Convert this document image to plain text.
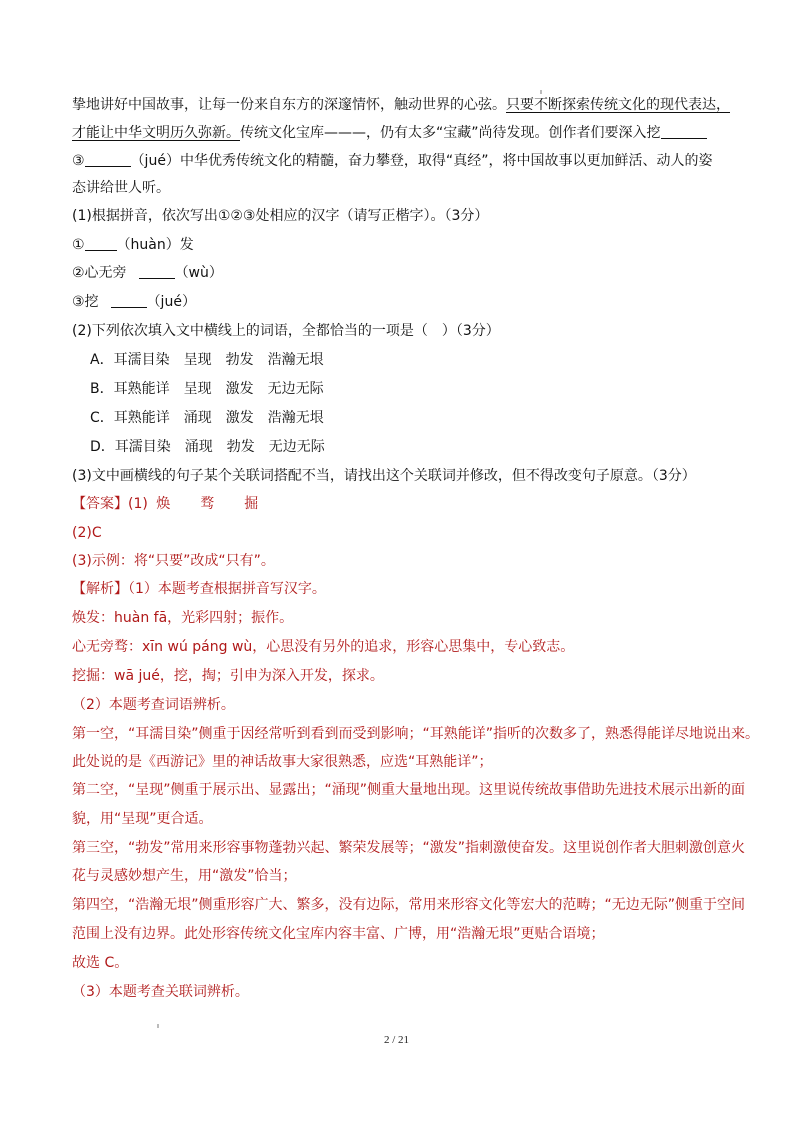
挚地讲好中国故事，让每一份来自东方的深邃情怀，触动世界的心弦。只要不断探索传统文化的现代表达，
才能让中华文明历久弥新。传统文化宝库———，仍有太多“宝藏”尚待发现。创作者们要深入挖
③	（jué）中华优秀传统文化的精髓，奋力攀登，取得“真经”，将中国故事以更加鲜活、动人的姿
态讲给世人听。
(1)根据拼音，依次写出①②③处相应的汉字（请写正楷字）。（3分）
① （huàn）发
②心无旁	（wù）
③挖	（jué）
(2)下列依次填入文中横线上的词语，全都恰当的一项是（　）（3分）
A．耳濡目染 呈现 勃发 浩瀚无垠
B．耳熟能详 呈现 激发 无边无际
C．耳熟能详 涌现 激发 浩瀚无垠
D．耳濡目染 涌现 勃发 无边无际
(3)文中画横线的句子某个关联词搭配不当，请找出这个关联词并修改，但不得改变句子原意。（3分）
【答案】(1) 焕 骛 掘
(2)C
(3)示例：将“只要”改成“只有”。
【解析】（1）本题考查根据拼音写汉字。
焕发：huàn fā，光彩四射；振作。
心无旁骛：xīn wú páng wù，心思没有另外的追求，形容心思集中，专心致志。
挖掘：wā jué，挖，掏；引申为深入开发，探求。
（2）本题考查词语辨析。
第一空，“耳濡目染”侧重于因经常听到看到而受到影响；“耳熟能详”指听的次数多了，熟悉得能详尽地说出来。
此处说的是《西游记》里的神话故事大家很熟悉，应选“耳熟能详”；
第二空，“呈现”侧重于展示出、显露出；“涌现”侧重大量地出现。这里说传统故事借助先进技术展示出新的面
貌，用“呈现”更合适。
第三空，“勃发”常用来形容事物蓬勃兴起、繁荣发展等；“激发”指刺激使奋发。这里说创作者大胆刺激创意火
花与灵感妙想产生，用“激发”恰当；
第四空，“浩瀚无垠”侧重形容广大、繁多，没有边际，常用来形容文化等宏大的范畴；“无边无际”侧重于空间
范围上没有边界。此处形容传统文化宝库内容丰富、广博，用“浩瀚无垠”更贴合语境；
故选 C。
（3）本题考查关联词辨析。
2 / 21
